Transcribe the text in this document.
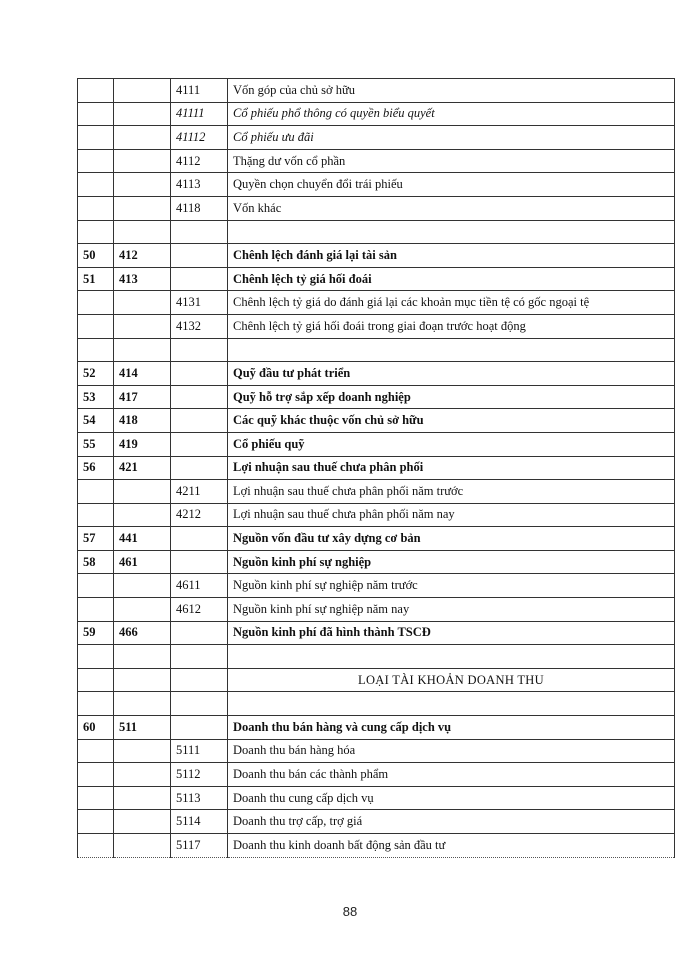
		4111	Vốn góp của chủ sở hữu
		41111	Cổ phiếu phổ thông có quyền biểu quyết
		41112	Cổ phiếu ưu đãi
		4112	Thặng dư vốn cổ phần
		4113	Quyền chọn chuyển đổi trái phiếu
		4118	Vốn khác

50	412		Chênh lệch đánh giá lại tài sản
51	413		Chênh lệch tỷ giá hối đoái
		4131	Chênh lệch tỷ giá do đánh giá lại các khoản mục tiền tệ có gốc ngoại tệ
		4132	Chênh lệch tỷ giá hối đoái trong giai đoạn trước hoạt động

52	414		Quỹ đầu tư phát triển
53	417		Quỹ hỗ trợ sắp xếp doanh nghiệp
54	418		Các quỹ khác thuộc vốn chủ sở hữu
55	419		Cổ phiếu quỹ
56	421		Lợi nhuận sau thuế chưa phân phối
		4211	Lợi nhuận sau thuế chưa phân phối năm trước
		4212	Lợi nhuận sau thuế chưa phân phối năm nay
57	441		Nguồn vốn đầu tư xây dựng cơ bản
58	461		Nguồn kinh phí sự nghiệp
		4611	Nguồn kinh phí sự nghiệp năm trước
		4612	Nguồn kinh phí sự nghiệp năm nay
59	466		Nguồn kinh phí đã hình thành TSCĐ

			LOẠI TÀI KHOẢN DOANH THU

60	511		Doanh thu bán hàng và cung cấp dịch vụ
		5111	Doanh thu bán hàng hóa
		5112	Doanh thu bán các thành phẩm
		5113	Doanh thu cung cấp dịch vụ
		5114	Doanh thu trợ cấp, trợ giá
		5117	Doanh thu kinh doanh bất động sản đầu tư
88
